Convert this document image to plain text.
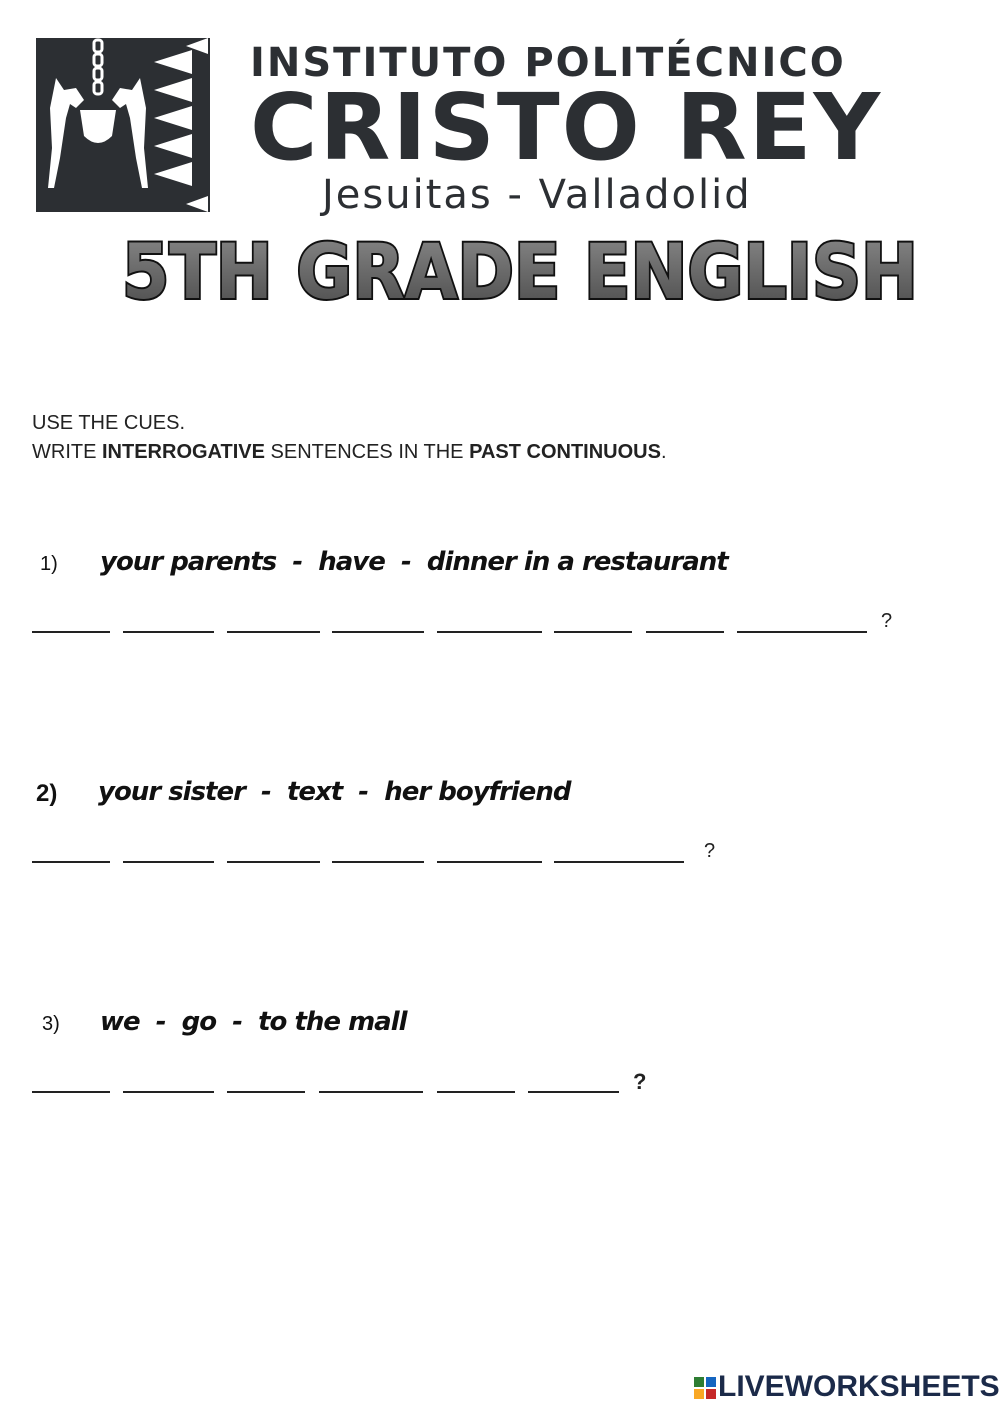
INSTITUTO POLITÉCNICO
CRISTO REY
Jesuitas - Valladolid
5TH GRADE ENGLISH
USE THE CUES.
WRITE INTERROGATIVE SENTENCES IN THE PAST CONTINUOUS.
1) your parents  -  have  -  dinner in a restaurant
?
2) your sister  -  text  -  her boyfriend
?
3) we  -  go  -  to the mall
?
LIVEWORKSHEETS
